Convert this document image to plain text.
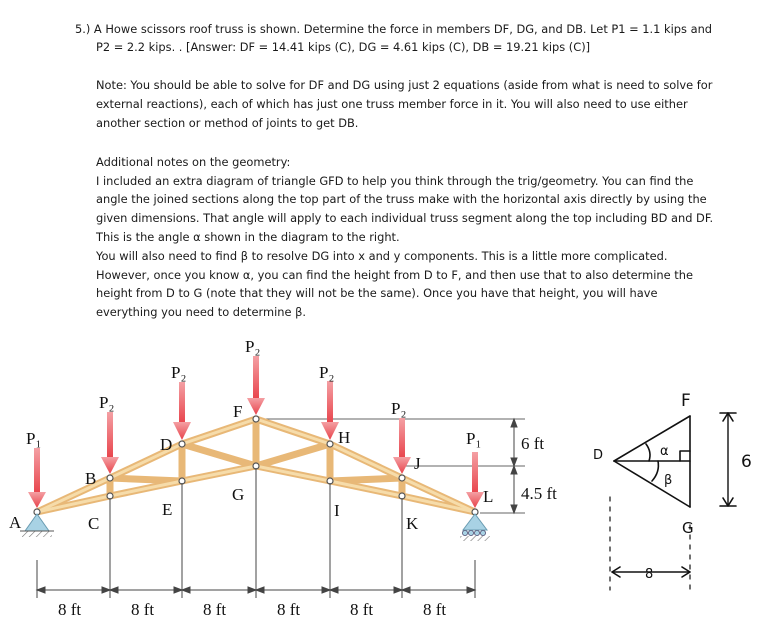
5.) A Howe scissors roof truss is shown. Determine the force in members DF, DG, and DB. Let P1 = 1.1 kips and
P2 = 2.2 kips. . [Answer: DF = 14.41 kips (C), DG = 4.61 kips (C), DB = 19.21 kips (C)]
Note: You should be able to solve for DF and DG using just 2 equations (aside from what is need to solve for
external reactions), each of which has just one truss member force in it. You will also need to use either
another section or method of joints to get DB.
Additional notes on the geometry:
I included an extra diagram of triangle GFD to help you think through the trig/geometry. You can find the
angle the joined sections along the top part of the truss make with the horizontal axis directly by using the
given dimensions. That angle will apply to each individual truss segment along the top including BD and DF.
This is the angle α shown in the diagram to the right.
You will also need to find β to resolve DG into x and y components. This is a little more complicated.
However, once you know α, you can find the height from D to F, and then use that to also determine the
height from D to G (note that they will not be the same). Once you have that height, you will have
everything you need to determine β.
P₁
P₂
P₂
P₂
P₂
P₂
P₁
A
B
C
D
E
F
G
H
I
J
K
L
8 ft	8 ft	8 ft	8 ft	8 ft	8 ft
6 ft
4.5 ft
F
D
G
α
β
6
8
